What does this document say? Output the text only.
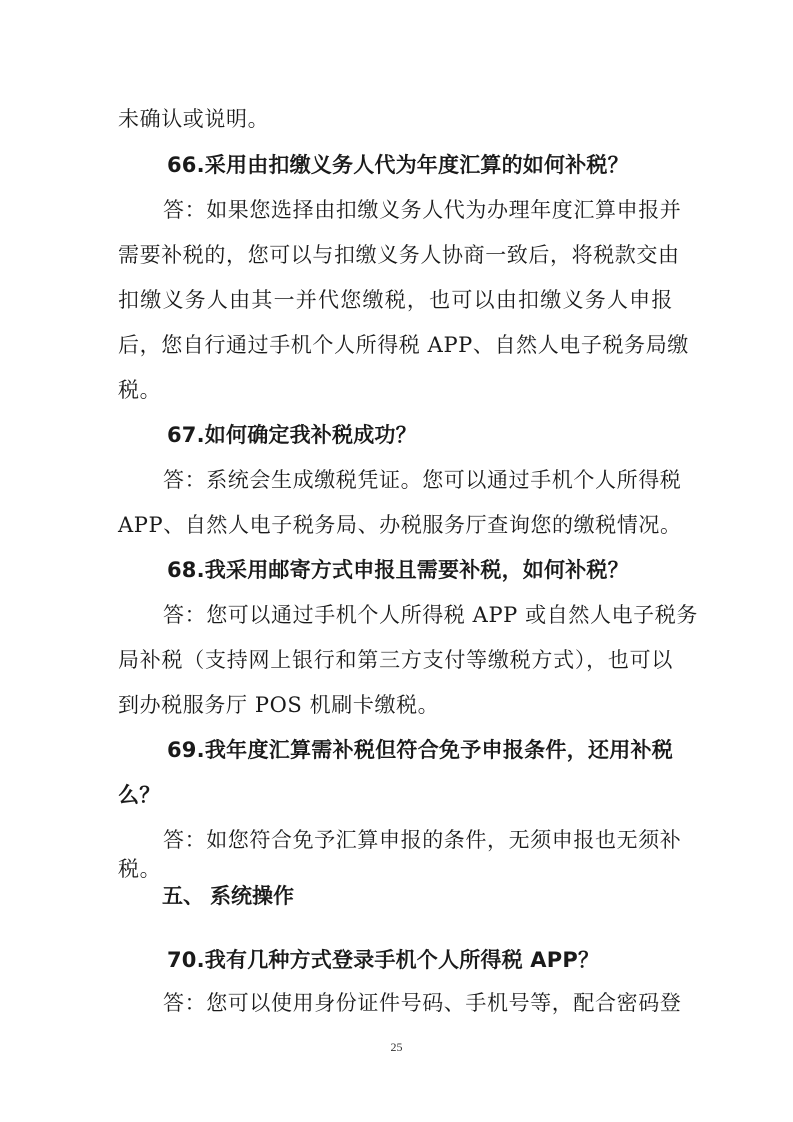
未确认或说明。
66.采用由扣缴义务人代为年度汇算的如何补税？
答：如果您选择由扣缴义务人代为办理年度汇算申报并
需要补税的，您可以与扣缴义务人协商一致后，将税款交由
扣缴义务人由其一并代您缴税，也可以由扣缴义务人申报
后，您自行通过手机个人所得税 APP、自然人电子税务局缴
税。
67.如何确定我补税成功？
答：系统会生成缴税凭证。您可以通过手机个人所得税
APP、自然人电子税务局、办税服务厅查询您的缴税情况。
68.我采用邮寄方式申报且需要补税，如何补税？
答：您可以通过手机个人所得税 APP 或自然人电子税务
局补税（支持网上银行和第三方支付等缴税方式），也可以
到办税服务厅 POS 机刷卡缴税。
69.我年度汇算需补税但符合免予申报条件，还用补税
么？
答：如您符合免予汇算申报的条件，无须申报也无须补
税。
五、 系统操作
70.我有几种方式登录手机个人所得税 APP？
答：您可以使用身份证件号码、手机号等，配合密码登
25
